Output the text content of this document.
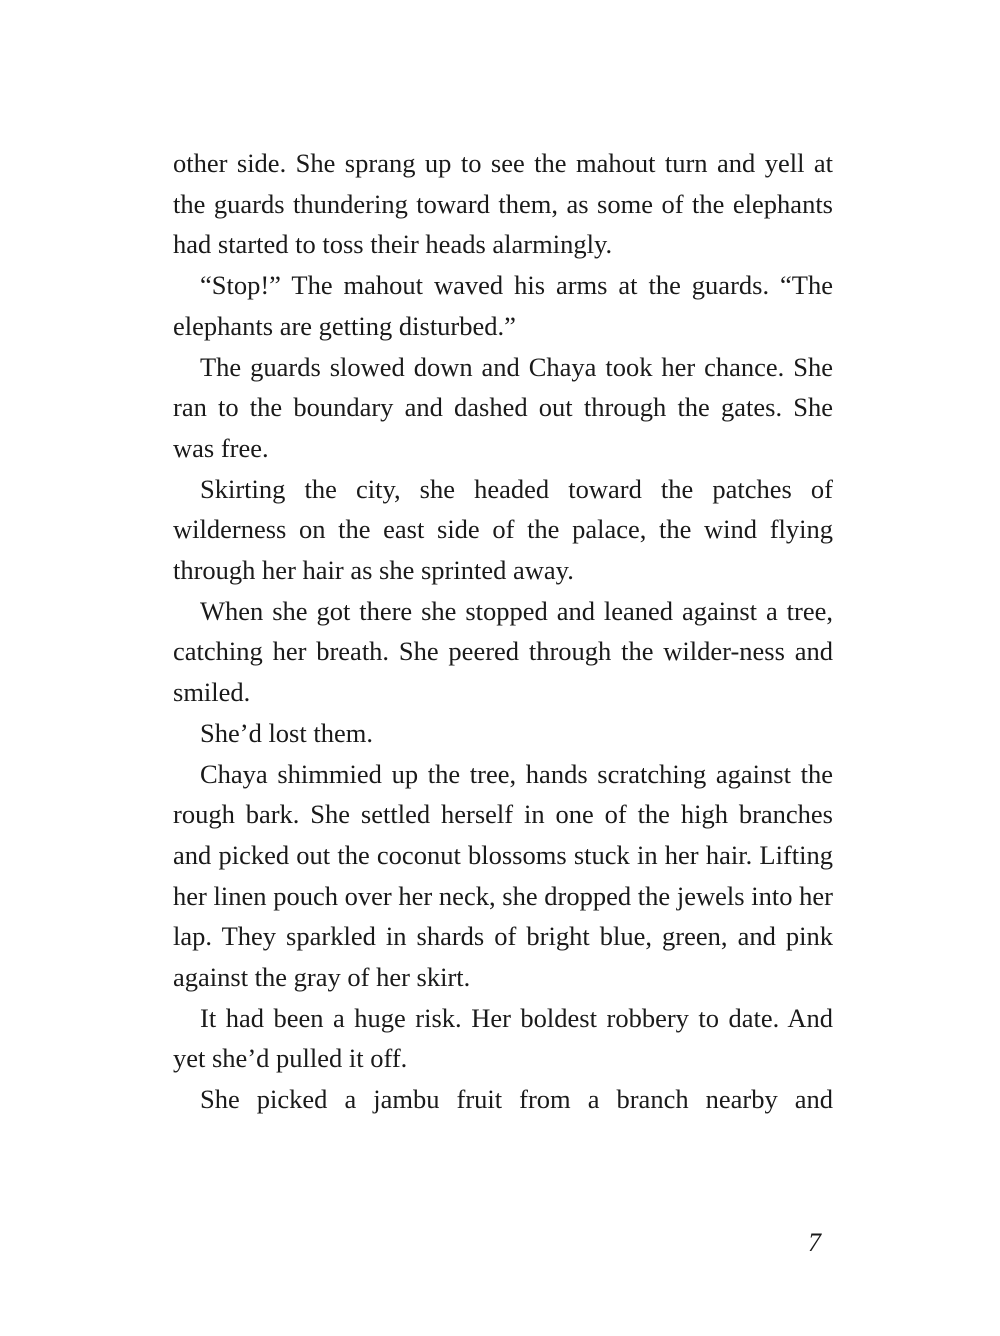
other side. She sprang up to see the mahout turn and yell at the guards thundering toward them, as some of the elephants had started to toss their heads alarmingly.

“Stop!” The mahout waved his arms at the guards. “The elephants are getting disturbed.”

The guards slowed down and Chaya took her chance. She ran to the boundary and dashed out through the gates. She was free.

Skirting the city, she headed toward the patches of wilderness on the east side of the palace, the wind flying through her hair as she sprinted away.

When she got there she stopped and leaned against a tree, catching her breath. She peered through the wilder-ness and smiled.

She’d lost them.

Chaya shimmied up the tree, hands scratching against the rough bark. She settled herself in one of the high branches and picked out the coconut blossoms stuck in her hair. Lifting her linen pouch over her neck, she dropped the jewels into her lap. They sparkled in shards of bright blue, green, and pink against the gray of her skirt.

It had been a huge risk. Her boldest robbery to date. And yet she’d pulled it off.

She picked a jambu fruit from a branch nearby and

7
